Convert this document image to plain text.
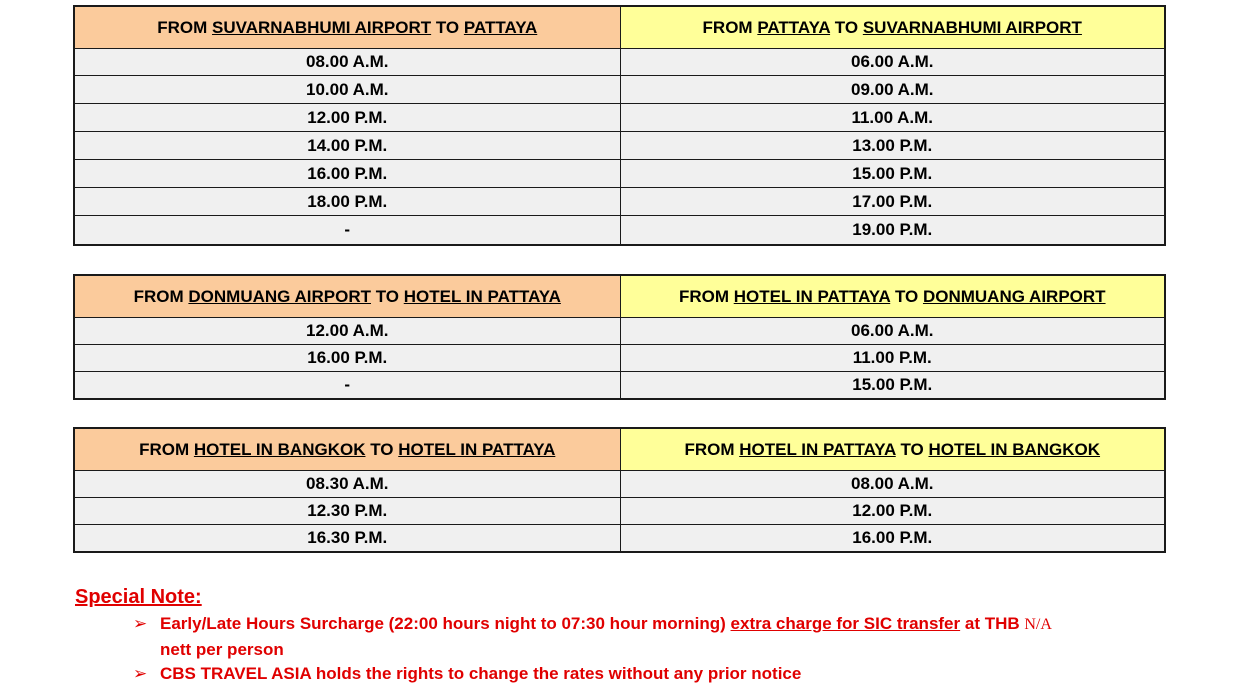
FROM SUVARNABHUMI AIRPORT TO PATTAYA	FROM PATTAYA TO SUVARNABHUMI AIRPORT
08.00 A.M.	06.00 A.M.
10.00 A.M.	09.00 A.M.
12.00 P.M.	11.00 A.M.
14.00 P.M.	13.00 P.M.
16.00 P.M.	15.00 P.M.
18.00 P.M.	17.00 P.M.
-	19.00 P.M.
FROM DONMUANG AIRPORT TO HOTEL IN PATTAYA	FROM HOTEL IN PATTAYA TO DONMUANG AIRPORT
12.00 A.M.	06.00 A.M.
16.00 P.M.	11.00 P.M.
-	15.00 P.M.
FROM HOTEL IN BANGKOK TO HOTEL IN PATTAYA	FROM HOTEL IN PATTAYA TO HOTEL IN BANGKOK
08.30 A.M.	08.00 A.M.
12.30 P.M.	12.00 P.M.
16.30 P.M.	16.00 P.M.
Special Note:
➢ Early/Late Hours Surcharge (22:00 hours night to 07:30 hour morning) extra charge for SIC transfer at THB N/A
nett per person
➢ CBS TRAVEL ASIA holds the rights to change the rates without any prior notice
